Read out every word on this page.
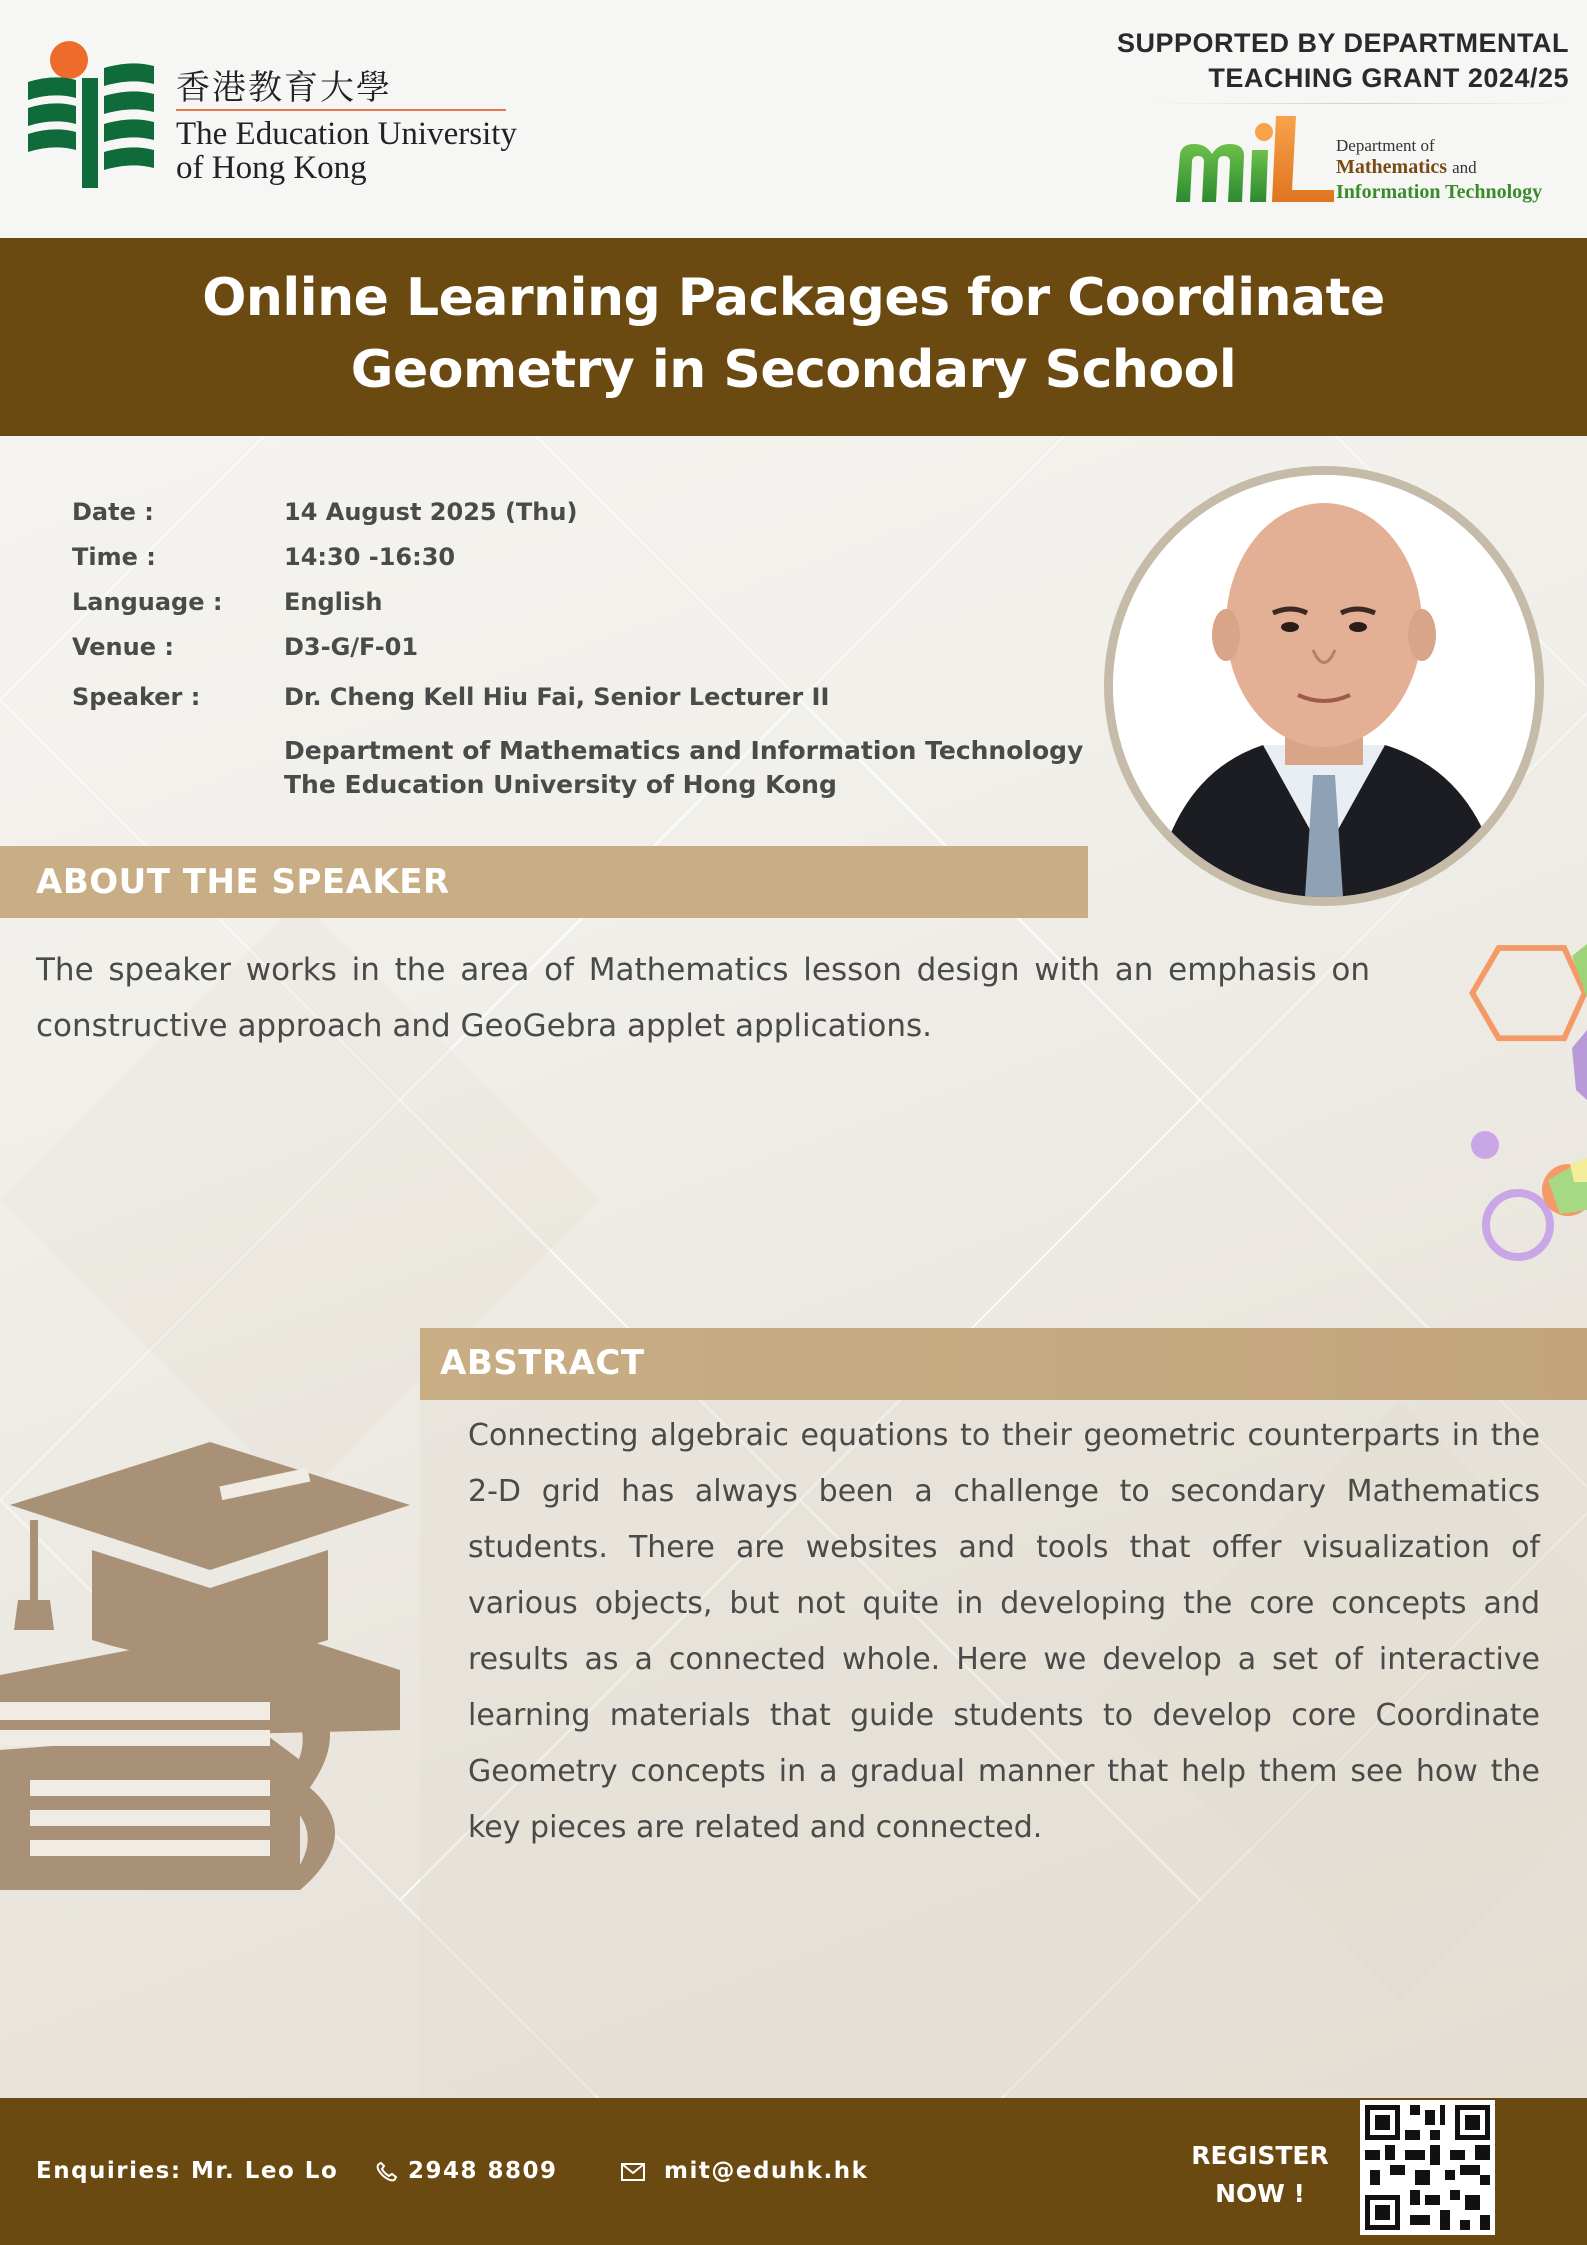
香港教育大學
The Education University
of Hong Kong
SUPPORTED BY DEPARTMENTAL
TEACHING GRANT 2024/25
Department of
Mathematics and
Information Technology
Online Learning Packages for Coordinate
Geometry in Secondary School
Date :	14 August 2025 (Thu)
Time :	14:30 -16:30
Language :	English
Venue :	D3-G/F-01
Speaker :	Dr. Cheng Kell Hiu Fai, Senior Lecturer II
Department of Mathematics and Information Technology
The Education University of Hong Kong
ABOUT THE SPEAKER
The speaker works in the area of Mathematics lesson design with an emphasis on constructive approach and GeoGebra applet applications.
ABSTRACT
Connecting algebraic equations to their geometric counterparts in the 2-D grid has always been a challenge to secondary Mathematics students. There are websites and tools that offer visualization of various objects, but not quite in developing the core concepts and results as a connected whole. Here we develop a set of interactive learning materials that guide students to develop core Coordinate Geometry concepts in a gradual manner that help them see how the key pieces are related and connected.
Enquiries: Mr. Leo Lo	2948 8809	mit@eduhk.hk
REGISTER
NOW !
